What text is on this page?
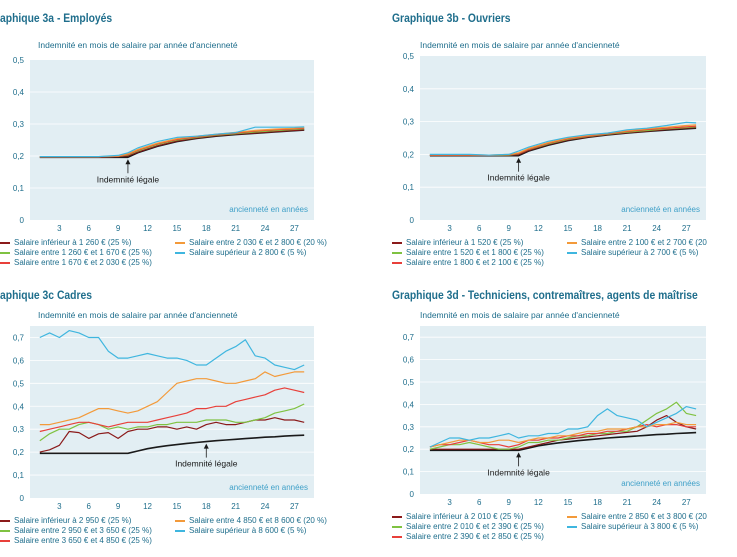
aphique 3a - Employés
Indemnité en mois de salaire par année d'ancienneté
0
0,1
0,2
0,3
0,4
0,5
3	6	9	12	15	18	21	24	27
ancienneté en années
Indemnité légale
Salaire inférieur à 1 260 € (25 %)	Salaire entre 2 030 € et 2 800 € (20 %)
Salaire entre 1 260 € et 1 670 € (25 %)	Salaire supérieur à 2 800 € (5 %)
Salaire entre 1 670 € et 2 030 € (25 %)
Graphique 3b - Ouvriers
Indemnité en mois de salaire par année d'ancienneté
0
0,1
0,2
0,3
0,4
0,5
3	6	9	12	15	18	21	24	27
ancienneté en années
Indemnité légale
Salaire inférieur à 1 520 € (25 %)	Salaire entre 2 100 € et 2 700 € (20
Salaire entre 1 520 € et 1 800 € (25 %)	Salaire supérieur à 2 700 € (5 %)
Salaire entre 1 800 € et 2 100 € (25 %)
aphique 3c Cadres
Indemnité en mois de salaire par année d'ancienneté
0
0,1
0,2
0,3
0,4
0,5
0,6
0,7
3	6	9	12	15	18	21	24	27
ancienneté en années
Indemnité légale
Salaire inférieur à 2 950 € (25 %)	Salaire entre 4 850 € et 8 600 € (20 %)
Salaire entre 2 950 € et 3 650 € (25 %)	Salaire supérieur à 8 600 € (5 %)
Salaire entre 3 650 € et 4 850 € (25 %)
Graphique 3d - Techniciens, contremaîtres, agents de maîtrise
Indemnité en mois de salaire par année d'ancienneté
0
0,1
0,2
0,3
0,4
0,5
0,6
0,7
3	6	9	12	15	18	21	24	27
ancienneté en années
Indemnité légale
Salaire inférieur à 2 010 € (25 %)	Salaire entre 2 850 € et 3 800 € (20
Salaire entre 2 010 € et 2 390 € (25 %)	Salaire supérieur à 3 800 € (5 %)
Salaire entre 2 390 € et 2 850 € (25 %)
